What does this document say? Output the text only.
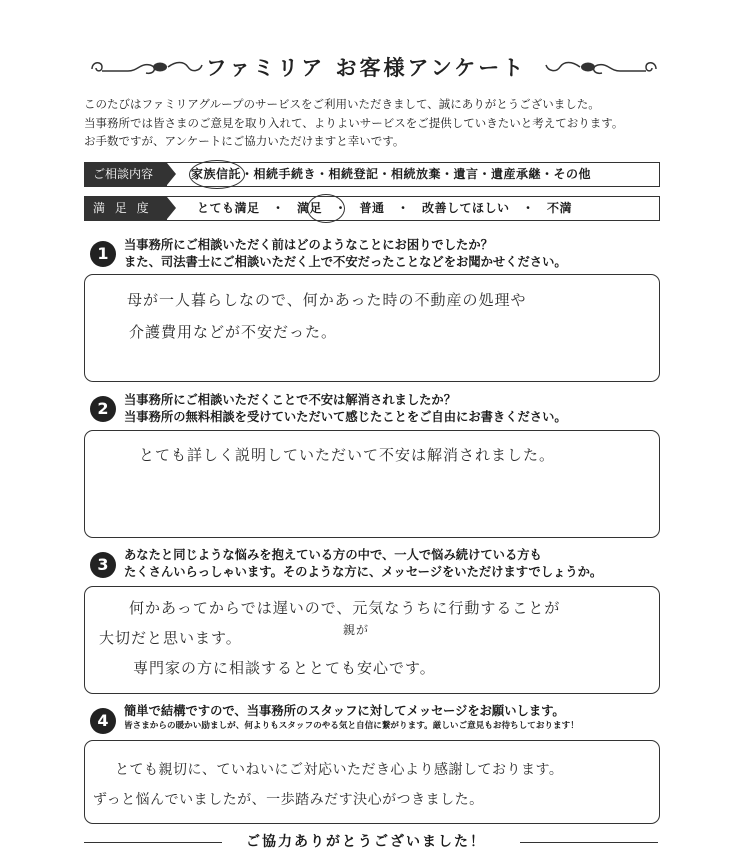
ファミリア お客様アンケート
このたびはファミリアグループのサービスをご利用いただきまして、誠にありがとうございました。
当事務所では皆さまのご意見を取り入れて、よりよいサービスをご提供していきたいと考えております。
お手数ですが、アンケートにご協力いただけますと幸いです。
ご相談内容	家族信託・相続手続き・相続登記・相続放棄・遺言・遺産承継・その他
満 足 度	とても満足　・　満足　・　普通　・　改善してほしい　・　不満
1	当事務所にご相談いただく前はどのようなことにお困りでしたか？
また、司法書士にご相談いただく上で不安だったことなどをお聞かせください。
母が一人暮らしなので、何かあった時の不動産の処理や
介護費用などが不安だった。
2	当事務所にご相談いただくことで不安は解消されましたか？
当事務所の無料相談を受けていただいて感じたことをご自由にお書きください。
とても詳しく説明していただいて不安は解消されました。
3	あなたと同じような悩みを抱えている方の中で、一人で悩み続けている方も
たくさんいらっしゃいます。そのような方に、メッセージをいただけますでしょうか。
何かあってからでは遅いので、元気なうちに行動することが
親が
大切だと思います。
専門家の方に相談するととても安心です。
4	簡単で結構ですので、当事務所のスタッフに対してメッセージをお願いします。
皆さまからの暖かい励ましが、何よりもスタッフのやる気と自信に繋がります。厳しいご意見もお待ちしております！
とても親切に、ていねいにご対応いただき心より感謝しております。
ずっと悩んでいましたが、一歩踏みだす決心がつきました。
ご協力ありがとうございました！
